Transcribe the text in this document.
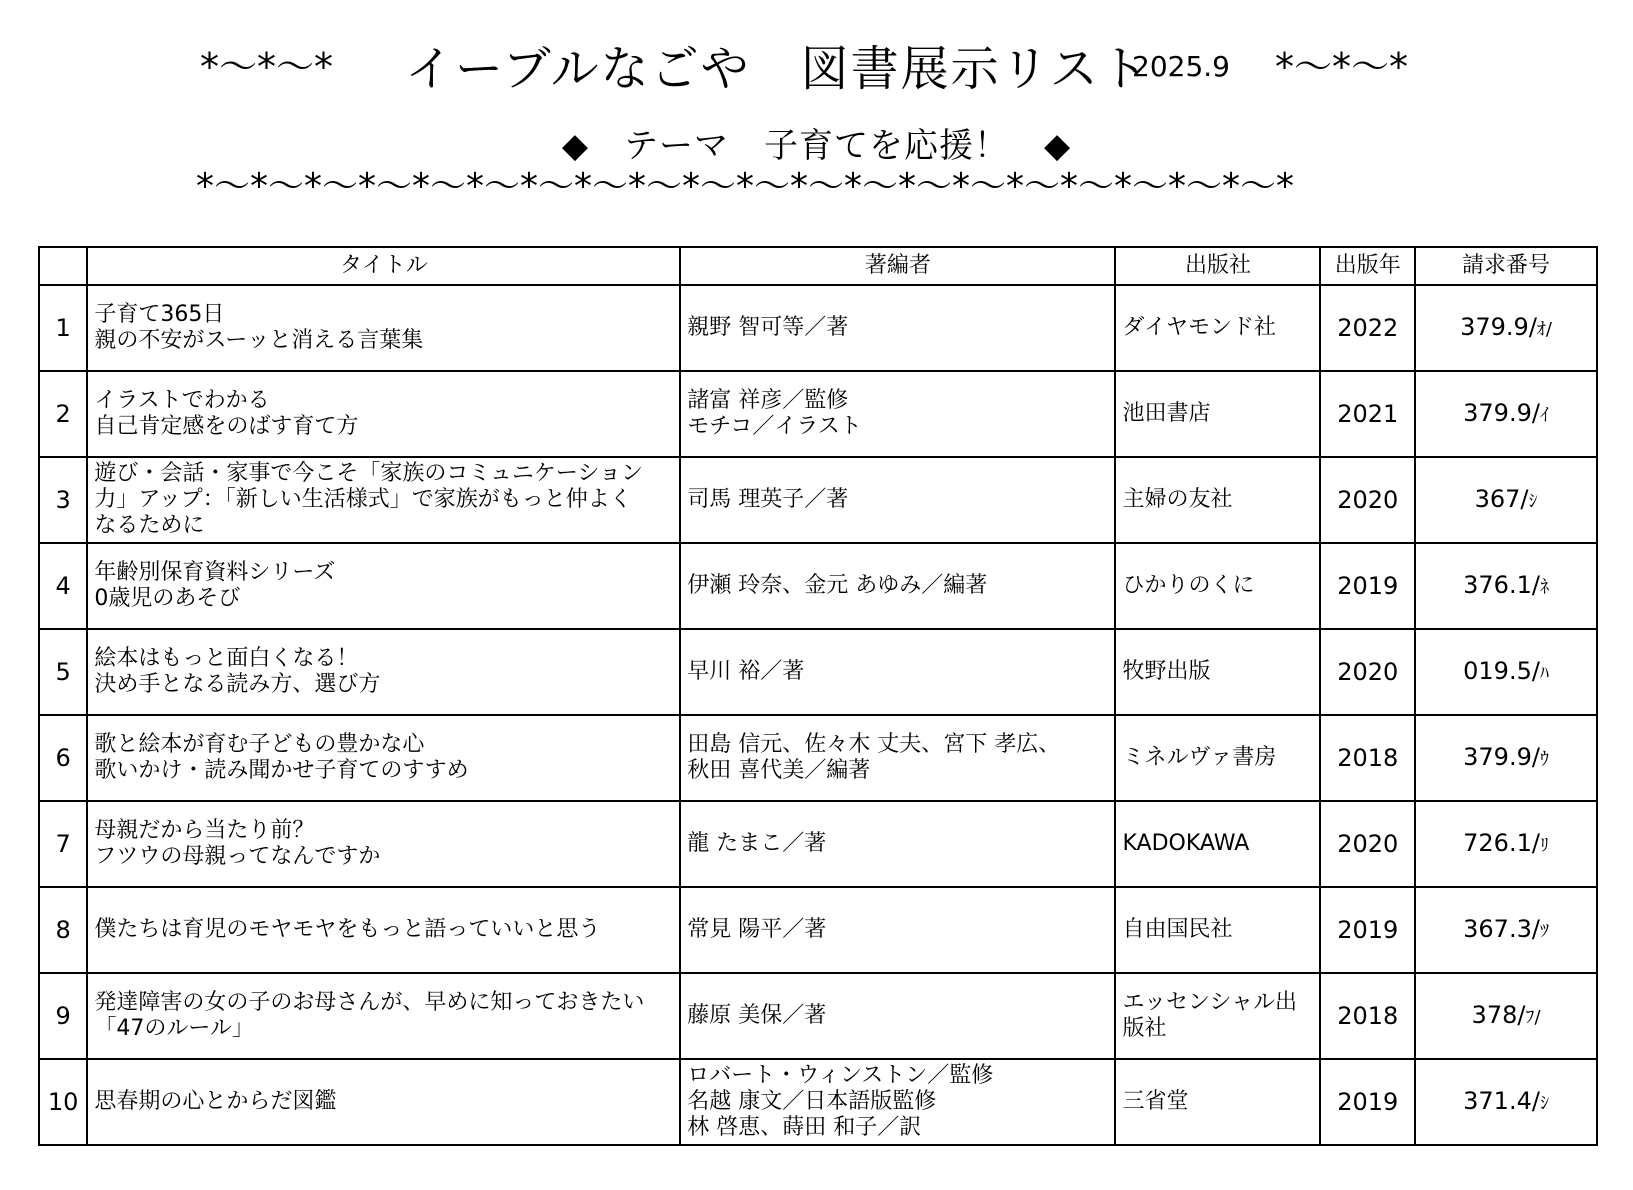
*〜*〜* イーブルなごや　図書展示リスト
2025.9 *〜*〜*
◆　テーマ　子育てを応援！　◆
*〜*〜*〜*〜*〜*〜*〜*〜*〜*〜*〜*〜*〜*〜*〜*〜*〜*〜*〜*〜*
	タイトル	著編者	出版社	出版年	請求番号
1	子育て365日
親の不安がスーッと消える言葉集	親野 智可等／著	ダイヤモンド社	2022	379.9/ｵ/
2	イラストでわかる
自己肯定感をのばす育て方	諸富 祥彦／監修
モチコ／イラスト	池田書店	2021	379.9/ｲ
3	遊び・会話・家事で今こそ「家族のコミュニケーション
力」アップ：「新しい生活様式」で家族がもっと仲よく
なるために	司馬 理英子／著	主婦の友社	2020	367/ｼ
4	年齢別保育資料シリーズ
0歳児のあそび	伊瀬 玲奈、金元 あゆみ／編著	ひかりのくに	2019	376.1/ﾈ
5	絵本はもっと面白くなる！
決め手となる読み方、選び方	早川 裕／著	牧野出版	2020	019.5/ﾊ
6	歌と絵本が育む子どもの豊かな心
歌いかけ・読み聞かせ子育てのすすめ	田島 信元、佐々木 丈夫、宮下 孝広、
秋田 喜代美／編著	ミネルヴァ書房	2018	379.9/ｳ
7	母親だから当たり前？
フツウの母親ってなんですか	龍 たまこ／著	KADOKAWA	2020	726.1/ﾘ
8	僕たちは育児のモヤモヤをもっと語っていいと思う	常見 陽平／著	自由国民社	2019	367.3/ﾂ
9	発達障害の女の子のお母さんが、早めに知っておきたい
「47のルール」	藤原 美保／著	エッセンシャル出
版社	2018	378/ﾌ/
10	思春期の心とからだ図鑑	ロバート・ウィンストン／監修
名越 康文／日本語版監修
林 啓恵、蒔田 和子／訳	三省堂	2019	371.4/ｼ
